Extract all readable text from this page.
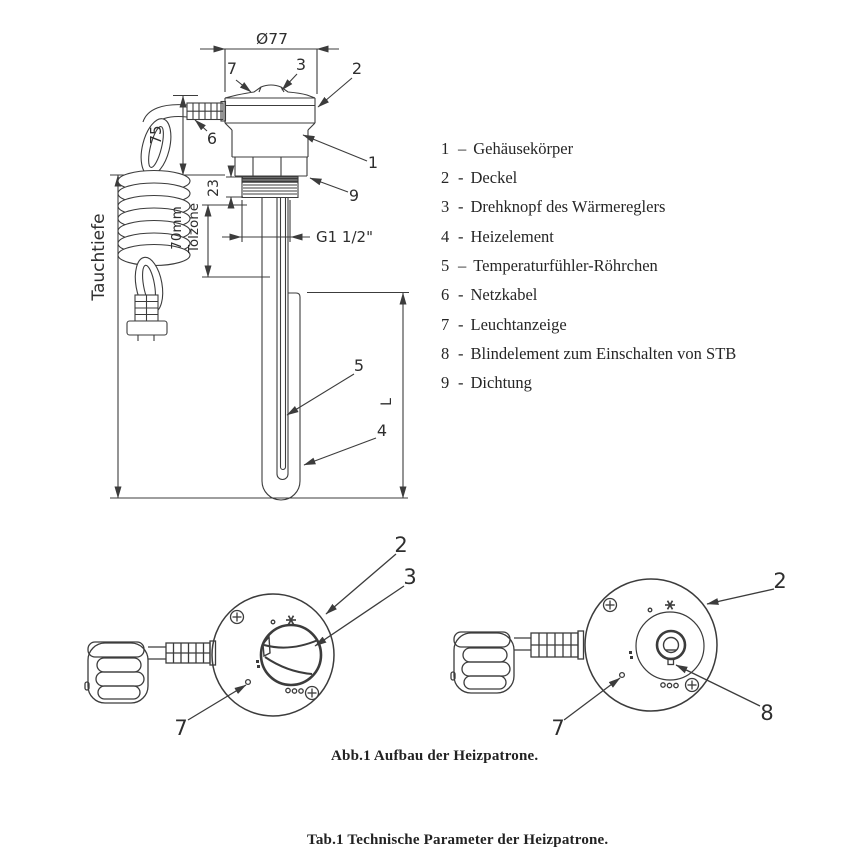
Ø77
75
23
70mm Tolzone
Tauchtiefe	G1 1/2"
L
2
3
7
6
1
9
5
4
1 – Gehäusekörper
2 - Deckel
3 - Drehknopf des Wärmereglers
4 - Heizelement
5 – Temperaturfühler-Röhrchen
6 - Netzkabel
7 - Leuchtanzeige
8 - Blindelement zum Einschalten von STB
9 - Dichtung
2
3
7
2
7
8
Abb.1 Aufbau der Heizpatrone.
Tab.1 Technische Parameter der Heizpatrone.
